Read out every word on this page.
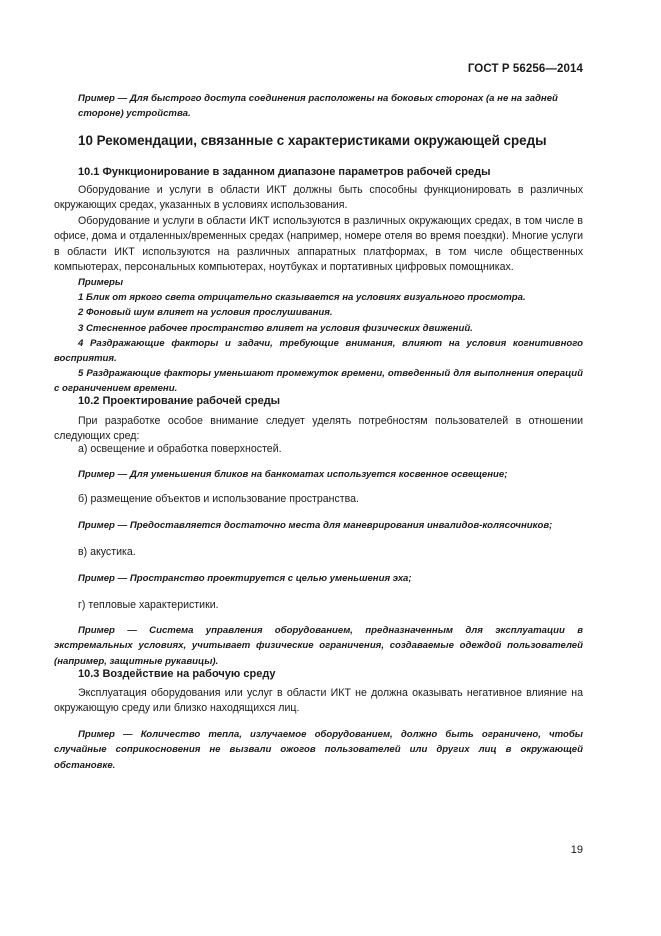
ГОСТ Р 56256—2014

Пример — Для быстрого доступа соединения расположены на боковых сторонах (а не на задней стороне) устройства.

10 Рекомендации, связанные с характеристиками окружающей среды
10.1 Функционирование в заданном диапазоне параметров рабочей среды

Оборудование и услуги в области ИКТ должны быть способны функционировать в различных окружающих средах, указанных в условиях использования.

Оборудование и услуги в области ИКТ используются в различных окружающих средах, в том числе в офисе, дома и отдаленных/временных средах (например, номере отеля во время поездки). Многие услуги в области ИКТ используются на различных аппаратных платформах, в том числе общественных компьютерах, персональных компьютерах, ноутбуках и портативных цифровых помощниках.

Примеры

1 Блик от яркого света отрицательно сказывается на условиях визуального просмотра.

2 Фоновый шум влияет на условия прослушивания.

3 Стесненное рабочее пространство влияет на условия физических движений.

4 Раздражающие факторы и задачи, требующие внимания, влияют на условия когнитивного восприятия.

5 Раздражающие факторы уменьшают промежуток времени, отведенный для выполнения операций с ограничением времени.

10.2 Проектирование рабочей среды

При разработке особое внимание следует уделять потребностям пользователей в отношении следующих сред:

а) освещение и обработка поверхностей.

Пример — Для уменьшения бликов на банкоматах используется косвенное освещение;

б) размещение объектов и использование пространства.

Пример — Предоставляется достаточно места для маневрирования инвалидов-колясочников;

в) акустика.

Пример — Пространство проектируется с целью уменьшения эха;

г) тепловые характеристики.

Пример — Система управления оборудованием, предназначенным для эксплуатации в экстремальных условиях, учитывает физические ограничения, создаваемые одеждой пользователей (например, защитные рукавицы).

10.3 Воздействие на рабочую среду

Эксплуатация оборудования или услуг в области ИКТ не должна оказывать негативное влияние на окружающую среду или близко находящихся лиц.

Пример — Количество тепла, излучаемое оборудованием, должно быть ограничено, чтобы случайные соприкосновения не вызвали ожогов пользователей или других лиц в окружающей обстановке.

19
